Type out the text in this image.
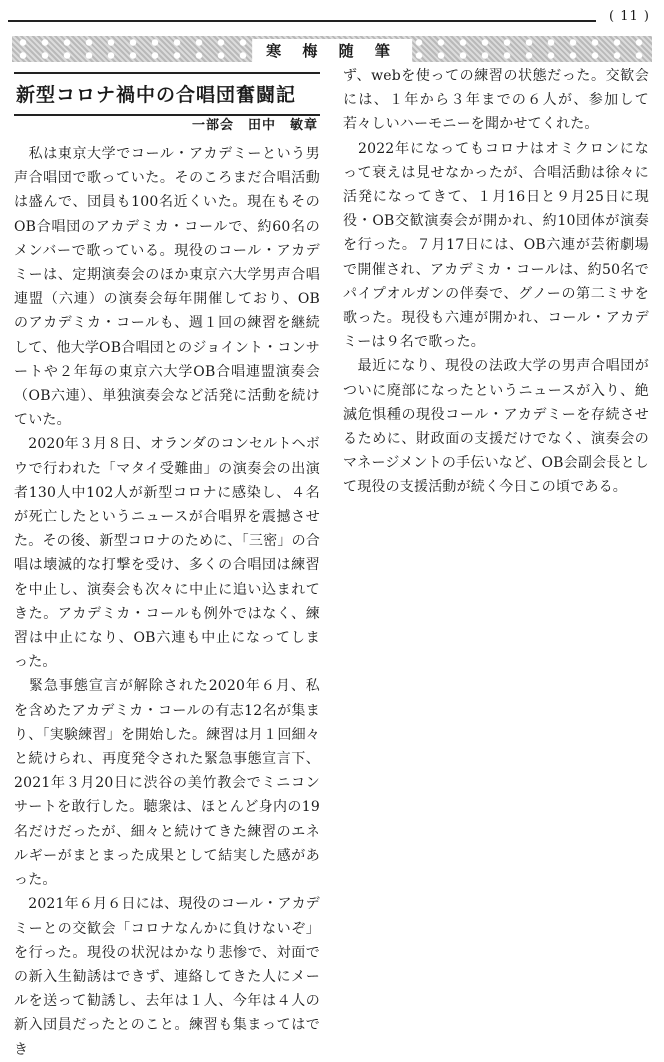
( 11 )
寒 梅 随 筆
新型コロナ禍中の合唱団奮闘記
一部会　田中　敏章

　私は東京大学でコール・アカデミーという男声合唱団で歌っていた。そのころまだ合唱活動は盛んで、団員も100名近くいた。現在もそのOB合唱団のアカデミカ・コールで、約60名のメンバーで歌っている。現役のコール・アカデミーは、定期演奏会のほか東京六大学男声合唱連盟（六連）の演奏会毎年開催しており、OBのアカデミカ・コールも、週１回の練習を継続して、他大学OB合唱団とのジョイント・コンサートや２年毎の東京六大学OB合唱連盟演奏会（OB六連）、単独演奏会など活発に活動を続けていた。

　2020年３月８日、オランダのコンセルトヘボウで行われた「マタイ受難曲」の演奏会の出演者130人中102人が新型コロナに感染し、４名が死亡したというニュースが合唱界を震撼させた。その後、新型コロナのために、「三密」の合唱は壊滅的な打撃を受け、多くの合唱団は練習を中止し、演奏会も次々に中止に追い込まれてきた。アカデミカ・コールも例外ではなく、練習は中止になり、OB六連も中止になってしまった。

　緊急事態宣言が解除された2020年６月、私を含めたアカデミカ・コールの有志12名が集まり、「実験練習」を開始した。練習は月１回細々と続けられ、再度発令された緊急事態宣言下、2021年３月20日に渋谷の美竹教会でミニコンサートを敢行した。聴衆は、ほとんど身内の19名だけだったが、細々と続けてきた練習のエネルギーがまとまった成果として結実した感があった。

　2021年６月６日には、現役のコール・アカデミーとの交歓会「コロナなんかに負けないぞ」を行った。現役の状況はかなり悲惨で、対面での新入生勧誘はできず、連絡してきた人にメールを送って勧誘し、去年は１人、今年は４人の新入団員だったとのこと。練習も集まってはでき

ず、webを使っての練習の状態だった。交歓会には、１年から３年までの６人が、参加して若々しいハーモニーを聞かせてくれた。

　2022年になってもコロナはオミクロンになって衰えは見せなかったが、合唱活動は徐々に活発になってきて、１月16日と９月25日に現役・OB交歓演奏会が開かれ、約10団体が演奏を行った。７月17日には、OB六連が芸術劇場で開催され、アカデミカ・コールは、約50名でパイプオルガンの伴奏で、グノーの第二ミサを歌った。現役も六連が開かれ、コール・アカデミーは９名で歌った。

　最近になり、現役の法政大学の男声合唱団がついに廃部になったというニュースが入り、絶滅危惧種の現役コール・アカデミーを存続させるために、財政面の支援だけでなく、演奏会のマネージメントの手伝いなど、OB会副会長として現役の支援活動が続く今日この頃である。
